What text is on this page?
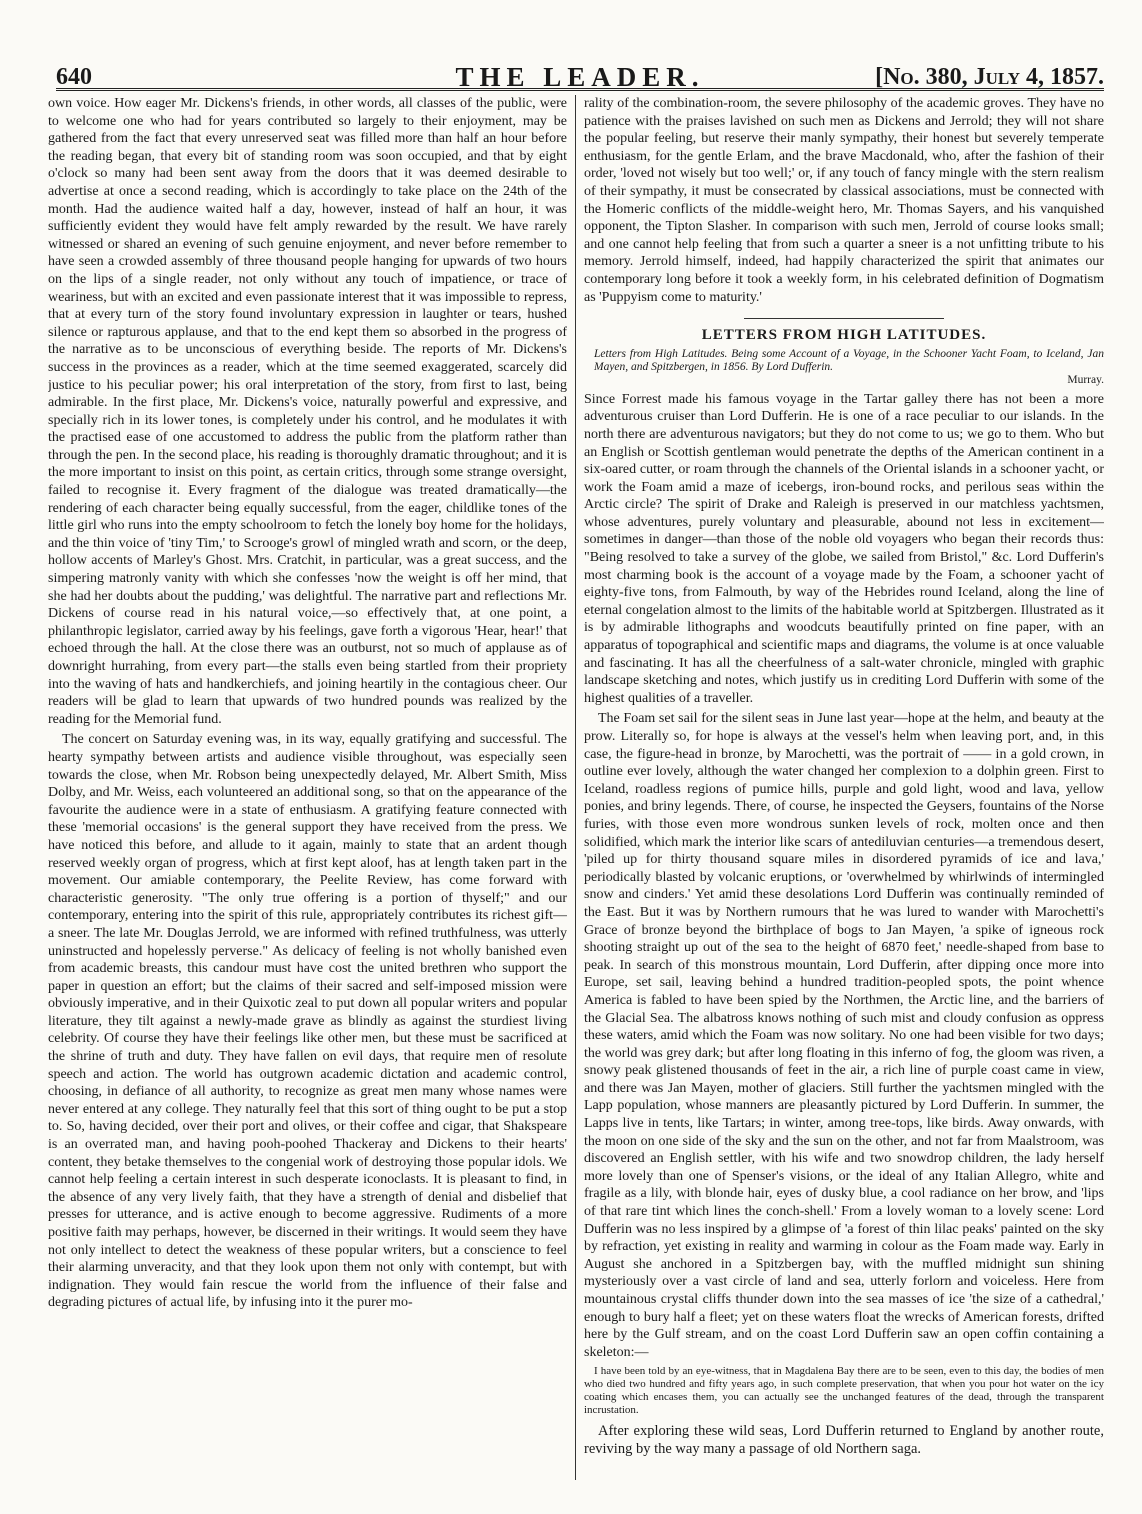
640	THE LEADER.	[No. 380, July 4, 1857.

own voice. How eager Mr. Dickens's friends, in other words, all classes of the public, were to welcome one who had for years contributed so largely to their enjoyment, may be gathered from the fact that every unreserved seat was filled more than half an hour before the reading began, that every bit of standing room was soon occupied, and that by eight o'clock so many had been sent away from the doors that it was deemed desirable to advertise at once a second reading, which is accordingly to take place on the 24th of the month. Had the audience waited half a day, however, instead of half an hour, it was sufficiently evident they would have felt amply rewarded by the result. We have rarely witnessed or shared an evening of such genuine enjoyment, and never before remember to have seen a crowded assembly of three thousand people hanging for upwards of two hours on the lips of a single reader, not only without any touch of impatience, or trace of weariness, but with an excited and even passionate interest that it was impossible to repress, that at every turn of the story found involuntary expression in laughter or tears, hushed silence or rapturous applause, and that to the end kept them so absorbed in the progress of the narrative as to be unconscious of everything beside. The reports of Mr. Dickens's success in the provinces as a reader, which at the time seemed exaggerated, scarcely did justice to his peculiar power; his oral interpretation of the story, from first to last, being admirable. In the first place, Mr. Dickens's voice, naturally powerful and expressive, and specially rich in its lower tones, is completely under his control, and he modulates it with the practised ease of one accustomed to address the public from the platform rather than through the pen. In the second place, his reading is thoroughly dramatic throughout; and it is the more important to insist on this point, as certain critics, through some strange oversight, failed to recognise it. Every fragment of the dialogue was treated dramatically—the rendering of each character being equally successful, from the eager, childlike tones of the little girl who runs into the empty schoolroom to fetch the lonely boy home for the holidays, and the thin voice of 'tiny Tim,' to Scrooge's growl of mingled wrath and scorn, or the deep, hollow accents of Marley's Ghost. Mrs. Cratchit, in particular, was a great success, and the simpering matronly vanity with which she confesses 'now the weight is off her mind, that she had her doubts about the pudding,' was delightful. The narrative part and reflections Mr. Dickens of course read in his natural voice,—so effectively that, at one point, a philanthropic legislator, carried away by his feelings, gave forth a vigorous 'Hear, hear!' that echoed through the hall. At the close there was an outburst, not so much of applause as of downright hurrahing, from every part—the stalls even being startled from their propriety into the waving of hats and handkerchiefs, and joining heartily in the contagious cheer. Our readers will be glad to learn that upwards of two hundred pounds was realized by the reading for the Memorial fund.

The concert on Saturday evening was, in its way, equally gratifying and successful. The hearty sympathy between artists and audience visible throughout, was especially seen towards the close, when Mr. Robson being unexpectedly delayed, Mr. Albert Smith, Miss Dolby, and Mr. Weiss, each volunteered an additional song, so that on the appearance of the favourite the audience were in a state of enthusiasm. A gratifying feature connected with these 'memorial occasions' is the general support they have received from the press. We have noticed this before, and allude to it again, mainly to state that an ardent though reserved weekly organ of progress, which at first kept aloof, has at length taken part in the movement. Our amiable contemporary, the Peelite Review, has come forward with characteristic generosity. "The only true offering is a portion of thyself;" and our contemporary, entering into the spirit of this rule, appropriately contributes its richest gift—a sneer. The late Mr. Douglas Jerrold, we are informed with refined truthfulness, was utterly uninstructed and hopelessly perverse." As delicacy of feeling is not wholly banished even from academic breasts, this candour must have cost the united brethren who support the paper in question an effort; but the claims of their sacred and self-imposed mission were obviously imperative, and in their Quixotic zeal to put down all popular writers and popular literature, they tilt against a newly-made grave as blindly as against the sturdiest living celebrity. Of course they have their feelings like other men, but these must be sacrificed at the shrine of truth and duty. They have fallen on evil days, that require men of resolute speech and action. The world has outgrown academic dictation and academic control, choosing, in defiance of all authority, to recognize as great men many whose names were never entered at any college. They naturally feel that this sort of thing ought to be put a stop to. So, having decided, over their port and olives, or their coffee and cigar, that Shakspeare is an overrated man, and having pooh-poohed Thackeray and Dickens to their hearts' content, they betake themselves to the congenial work of destroying those popular idols. We cannot help feeling a certain interest in such desperate iconoclasts. It is pleasant to find, in the absence of any very lively faith, that they have a strength of denial and disbelief that presses for utterance, and is active enough to become aggressive. Rudiments of a more positive faith may perhaps, however, be discerned in their writings. It would seem they have not only intellect to detect the weakness of these popular writers, but a conscience to feel their alarming unveracity, and that they look upon them not only with contempt, but with indignation. They would fain rescue the world from the influence of their false and degrading pictures of actual life, by infusing into it the purer mo-

rality of the combination-room, the severe philosophy of the academic groves. They have no patience with the praises lavished on such men as Dickens and Jerrold; they will not share the popular feeling, but reserve their manly sympathy, their honest but severely temperate enthusiasm, for the gentle Erlam, and the brave Macdonald, who, after the fashion of their order, 'loved not wisely but too well;' or, if any touch of fancy mingle with the stern realism of their sympathy, it must be consecrated by classical associations, must be connected with the Homeric conflicts of the middle-weight hero, Mr. Thomas Sayers, and his vanquished opponent, the Tipton Slasher. In comparison with such men, Jerrold of course looks small; and one cannot help feeling that from such a quarter a sneer is a not unfitting tribute to his memory. Jerrold himself, indeed, had happily characterized the spirit that animates our contemporary long before it took a weekly form, in his celebrated definition of Dogmatism as 'Puppyism come to maturity.'

LETTERS FROM HIGH LATITUDES.

Letters from High Latitudes. Being some Account of a Voyage, in the Schooner Yacht Foam, to Iceland, Jan Mayen, and Spitzbergen, in 1856. By Lord Dufferin.
Murray.

Since Forrest made his famous voyage in the Tartar galley there has not been a more adventurous cruiser than Lord Dufferin. He is one of a race peculiar to our islands. In the north there are adventurous navigators; but they do not come to us; we go to them. Who but an English or Scottish gentleman would penetrate the depths of the American continent in a six-oared cutter, or roam through the channels of the Oriental islands in a schooner yacht, or work the Foam amid a maze of icebergs, iron-bound rocks, and perilous seas within the Arctic circle? The spirit of Drake and Raleigh is preserved in our matchless yachtsmen, whose adventures, purely voluntary and pleasurable, abound not less in excitement—sometimes in danger—than those of the noble old voyagers who began their records thus: "Being resolved to take a survey of the globe, we sailed from Bristol," &c. Lord Dufferin's most charming book is the account of a voyage made by the Foam, a schooner yacht of eighty-five tons, from Falmouth, by way of the Hebrides round Iceland, along the line of eternal congelation almost to the limits of the habitable world at Spitzbergen. Illustrated as it is by admirable lithographs and woodcuts beautifully printed on fine paper, with an apparatus of topographical and scientific maps and diagrams, the volume is at once valuable and fascinating. It has all the cheerfulness of a salt-water chronicle, mingled with graphic landscape sketching and notes, which justify us in crediting Lord Dufferin with some of the highest qualities of a traveller.

The Foam set sail for the silent seas in June last year—hope at the helm, and beauty at the prow. Literally so, for hope is always at the vessel's helm when leaving port, and, in this case, the figure-head in bronze, by Marochetti, was the portrait of —— in a gold crown, in outline ever lovely, although the water changed her complexion to a dolphin green. First to Iceland, roadless regions of pumice hills, purple and gold light, wood and lava, yellow ponies, and briny legends. There, of course, he inspected the Geysers, fountains of the Norse furies, with those even more wondrous sunken levels of rock, molten once and then solidified, which mark the interior like scars of antediluvian centuries—a tremendous desert, 'piled up for thirty thousand square miles in disordered pyramids of ice and lava,' periodically blasted by volcanic eruptions, or 'overwhelmed by whirlwinds of intermingled snow and cinders.' Yet amid these desolations Lord Dufferin was continually reminded of the East. But it was by Northern rumours that he was lured to wander with Marochetti's Grace of bronze beyond the birthplace of bogs to Jan Mayen, 'a spike of igneous rock shooting straight up out of the sea to the height of 6870 feet,' needle-shaped from base to peak. In search of this monstrous mountain, Lord Dufferin, after dipping once more into Europe, set sail, leaving behind a hundred tradition-peopled spots, the point whence America is fabled to have been spied by the Northmen, the Arctic line, and the barriers of the Glacial Sea. The albatross knows nothing of such mist and cloudy confusion as oppress these waters, amid which the Foam was now solitary. No one had been visible for two days; the world was grey dark; but after long floating in this inferno of fog, the gloom was riven, a snowy peak glistened thousands of feet in the air, a rich line of purple coast came in view, and there was Jan Mayen, mother of glaciers. Still further the yachtsmen mingled with the Lapp population, whose manners are pleasantly pictured by Lord Dufferin. In summer, the Lapps live in tents, like Tartars; in winter, among tree-tops, like birds. Away onwards, with the moon on one side of the sky and the sun on the other, and not far from Maalstroom, was discovered an English settler, with his wife and two snowdrop children, the lady herself more lovely than one of Spenser's visions, or the ideal of any Italian Allegro, white and fragile as a lily, with blonde hair, eyes of dusky blue, a cool radiance on her brow, and 'lips of that rare tint which lines the conch-shell.' From a lovely woman to a lovely scene: Lord Dufferin was no less inspired by a glimpse of 'a forest of thin lilac peaks' painted on the sky by refraction, yet existing in reality and warming in colour as the Foam made way. Early in August she anchored in a Spitzbergen bay, with the muffled midnight sun shining mysteriously over a vast circle of land and sea, utterly forlorn and voiceless. Here from mountainous crystal cliffs thunder down into the sea masses of ice 'the size of a cathedral,' enough to bury half a fleet; yet on these waters float the wrecks of American forests, drifted here by the Gulf stream, and on the coast Lord Dufferin saw an open coffin containing a skeleton:—

I have been told by an eye-witness, that in Magdalena Bay there are to be seen, even to this day, the bodies of men who died two hundred and fifty years ago, in such complete preservation, that when you pour hot water on the icy coating which encases them, you can actually see the unchanged features of the dead, through the transparent incrustation.

After exploring these wild seas, Lord Dufferin returned to England by another route, reviving by the way many a passage of old Northern saga.
